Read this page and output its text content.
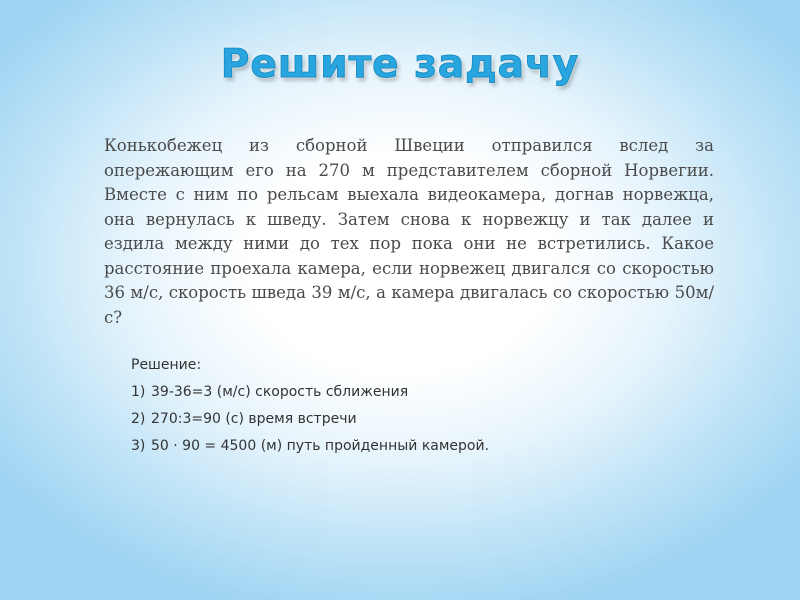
Решите задачу

Конькобежец из сборной Швеции отправился вслед за опережающим его на 270 м представителем сборной Норвегии. Вместе с ним по рельсам выехала видеокамера, догнав норвежца, она вернулась к шведу. Затем снова к норвежцу и так далее и ездила между ними до тех пор пока они не встретились. Какое расстояние проехала камера, если норвежец двигался со скоростью 36 м/с, скорость шведа 39 м/с, а камера двигалась со скоростью 50м/с?

Решение:
1) 39-36=3 (м/с) скорость сближения
2) 270:3=90 (с) время встречи
3) 50 · 90 = 4500 (м) путь пройденный камерой.
